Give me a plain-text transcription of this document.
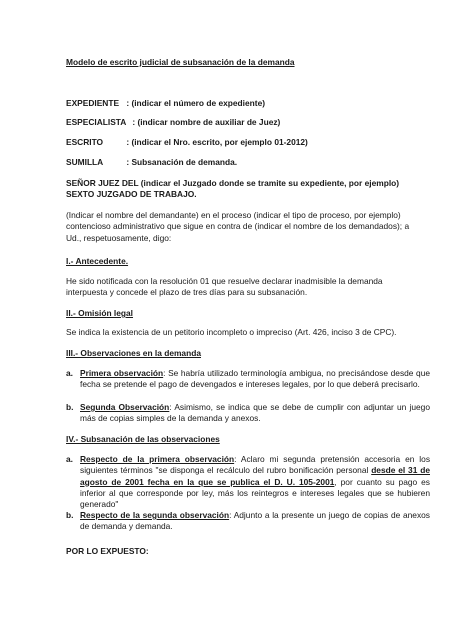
Modelo de escrito judicial de subsanación de la demanda
EXPEDIENTE : (indicar el número de expediente)
ESPECIALISTA : (indicar nombre de auxiliar de Juez)
ESCRITO	: (indicar el Nro. escrito, por ejemplo 01-2012)
SUMILLA	: Subsanación de demanda.
SEÑOR JUEZ DEL (indicar el Juzgado donde se tramite su expediente, por ejemplo) SEXTO JUZGADO DE TRABAJO.
(Indicar el nombre del demandante) en el proceso (indicar el tipo de proceso, por ejemplo) contencioso administrativo que sigue en contra de (indicar el nombre de los demandados); a Ud., respetuosamente, digo:
I.- Antecedente.
He sido notificada con la resolución 01 que resuelve declarar inadmisible la demanda interpuesta y concede el plazo de tres días para su subsanación.
II.- Omisión legal
Se indica la existencia de un petitorio incompleto o impreciso (Art. 426, inciso 3 de CPC).
III.- Observaciones en la demanda
a. Primera observación: Se habría utilizado terminología ambigua, no precisándose desde que fecha se pretende el pago de devengados e intereses legales, por lo que deberá precisarlo.
b. Segunda Observación: Asimismo, se indica que se debe de cumplir con adjuntar un juego más de copias simples de la demanda y anexos.
IV.- Subsanación de las observaciones
a. Respecto de la primera observación: Aclaro mi segunda pretensión accesoria en los siguientes términos "se disponga el recálculo del rubro bonificación personal desde el 31 de agosto de 2001 fecha en la que se publica el D. U. 105-2001, por cuanto su pago es inferior al que corresponde por ley, más los reintegros e intereses legales que se hubieren generado"
b. Respecto de la segunda observación: Adjunto a la presente un juego de copias de anexos de demanda y demanda.
POR LO EXPUESTO:
